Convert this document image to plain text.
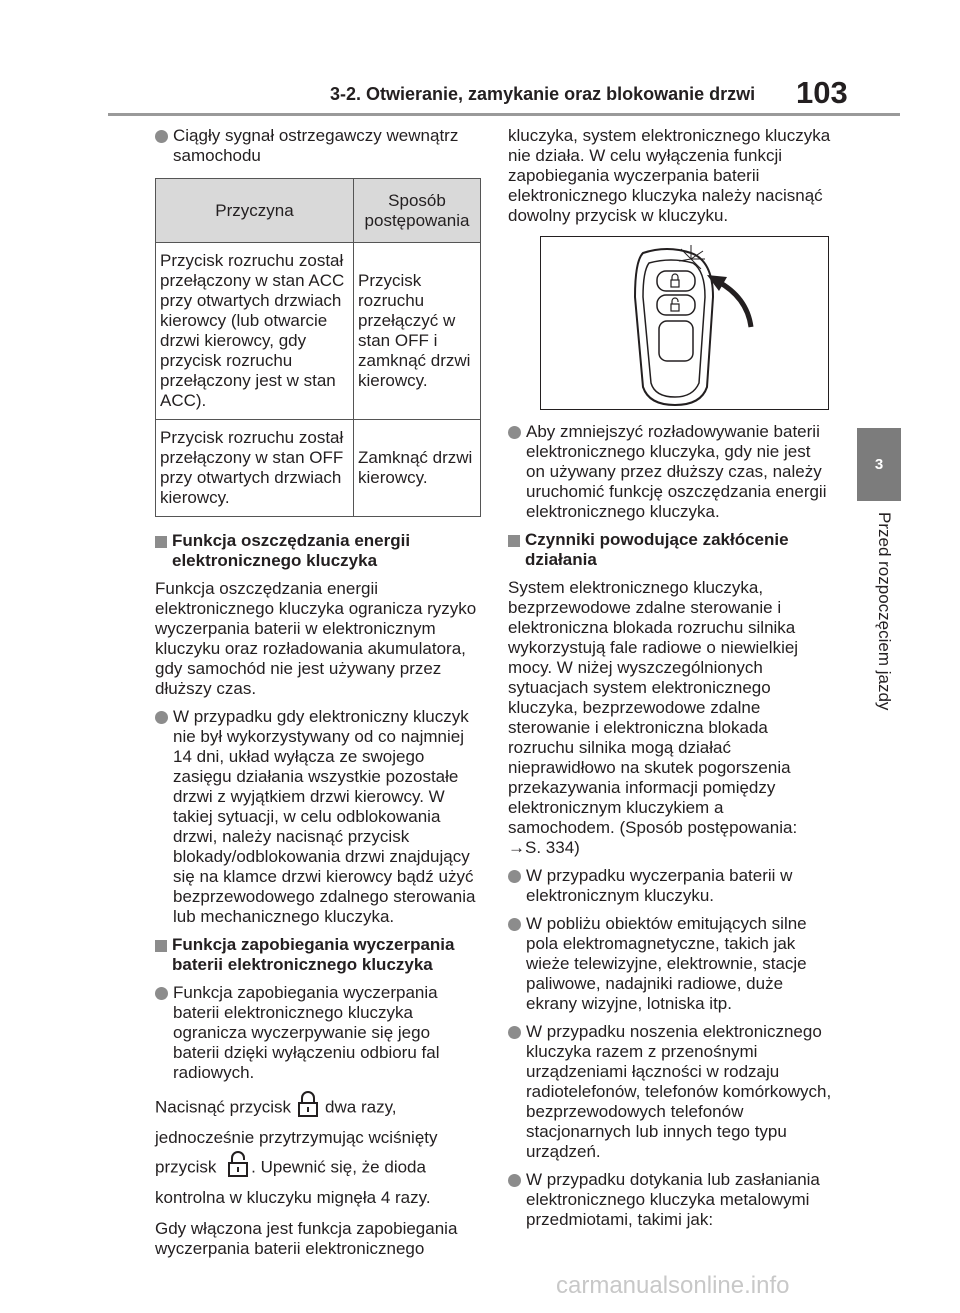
3-2. Otwieranie, zamykanie oraz blokowanie drzwi 103
3
Przed rozpoczęciem jazdy
Ciągły sygnał ostrzegawczy wewnątrz samochodu
Przyczyna	Sposób postępowania
Przycisk rozruchu został przełączony w stan ACC przy otwartych drzwiach kierowcy (lub otwarcie drzwi kierowcy, gdy przycisk rozruchu przełączony jest w stan ACC).	Przycisk rozruchu przełączyć w stan OFF i zamknąć drzwi kierowcy.
Przycisk rozruchu został przełączony w stan OFF przy otwartych drzwiach kierowcy.	Zamknąć drzwi kierowcy.
Funkcja oszczędzania energii elektronicznego kluczyka

Funkcja oszczędzania energii elektronicznego kluczyka ogranicza ryzyko wyczerpania baterii w elektronicznym kluczyku oraz rozładowania akumulatora, gdy samochód nie jest używany przez dłuższy czas.

W przypadku gdy elektroniczny kluczyk nie był wykorzystywany od co najmniej 14 dni, układ wyłącza ze swojego zasięgu działania wszystkie pozostałe drzwi z wyjątkiem drzwi kierowcy. W takiej sytuacji, w celu odblokowania drzwi, należy nacisnąć przycisk blokady/odblokowania drzwi znajdujący się na klamce drzwi kierowcy bądź użyć bezprzewodowego zdalnego sterowania lub mechanicznego kluczyka.
Funkcja zapobiegania wyczerpania baterii elektronicznego kluczyka
Funkcja zapobiegania wyczerpania baterii elektronicznego kluczyka ogranicza wyczerpywanie się jego baterii dzięki wyłączeniu odbioru fal radiowych.

Nacisnąć przycisk dwa razy, jednocześnie przytrzymując wciśnięty przycisk . Upewnić się, że dioda kontrolna w kluczyku mignęła 4 razy.

Gdy włączona jest funkcja zapobiegania wyczerpania baterii elektronicznego

kluczyka, system elektronicznego kluczyka nie działa. W celu wyłączenia funkcji zapobiegania wyczerpania baterii elektronicznego kluczyka należy nacisnąć dowolny przycisk w kluczyku.

Aby zmniejszyć rozładowywanie baterii elektronicznego kluczyka, gdy nie jest on używany przez dłuższy czas, należy uruchomić funkcję oszczędzania energii elektronicznego kluczyka.
Czynniki powodujące zakłócenie działania

System elektronicznego kluczyka, bezprzewodowe zdalne sterowanie i elektroniczna blokada rozruchu silnika wykorzystują fale radiowe o niewielkiej mocy. W niżej wyszczególnionych sytuacjach system elektronicznego kluczyka, bezprzewodowe zdalne sterowanie i elektroniczna blokada rozruchu silnika mogą działać nieprawidłowo na skutek pogorszenia przekazywania informacji pomiędzy elektronicznym kluczykiem a samochodem. (Sposób postępowania: →S. 334)

W przypadku wyczerpania baterii w elektronicznym kluczyku.
W pobliżu obiektów emitujących silne pola elektromagnetyczne, takich jak wieże telewizyjne, elektrownie, stacje paliwowe, nadajniki radiowe, duże ekrany wizyjne, lotniska itp.
W przypadku noszenia elektronicznego kluczyka razem z przenośnymi urządzeniami łączności w rodzaju radiotelefonów, telefonów komórkowych, bezprzewodowych telefonów stacjonarnych lub innych tego typu urządzeń.
W przypadku dotykania lub zasłaniania elektronicznego kluczyka metalowymi przedmiotami, takimi jak:
carmanualsonline.info
